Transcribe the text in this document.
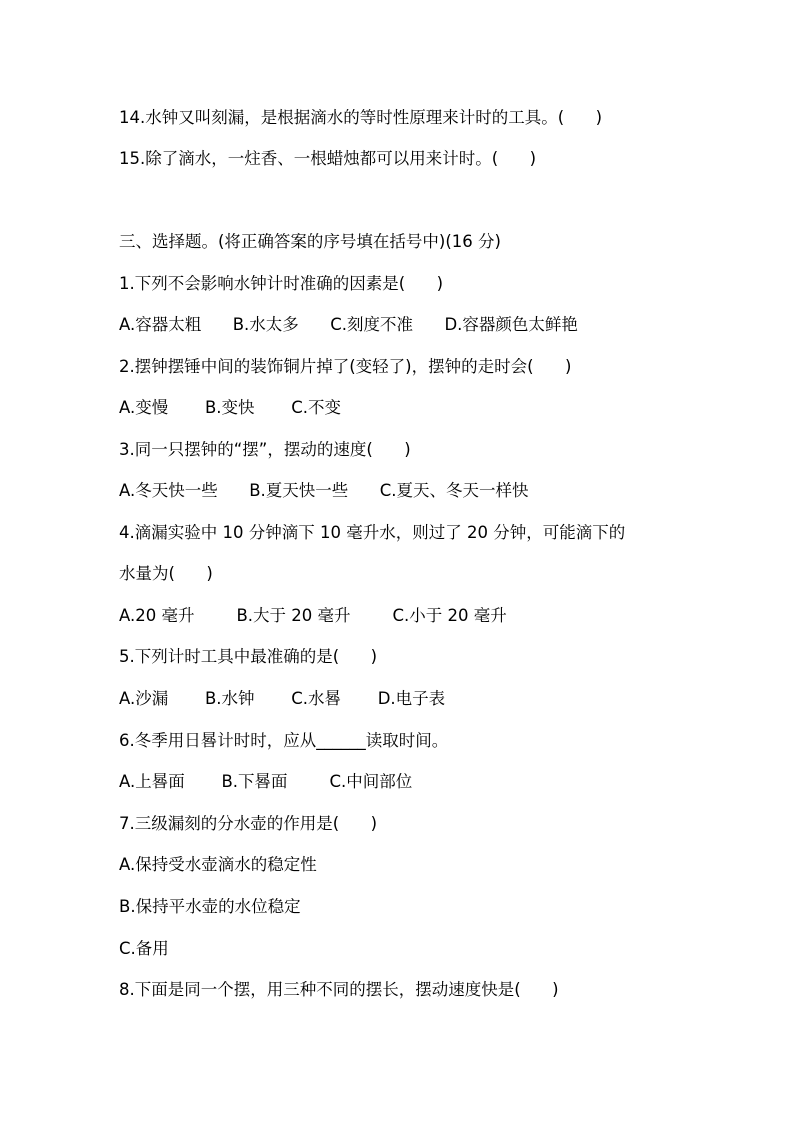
14.水钟又叫刻漏，是根据滴水的等时性原理来计时的工具。(      )
15.除了滴水，一炷香、一根蜡烛都可以用来计时。(      )
三、选择题。(将正确答案的序号填在括号中)(16 分)
1.下列不会影响水钟计时准确的因素是(      )
A.容器太粗      B.水太多      C.刻度不准      D.容器颜色太鲜艳
2.摆钟摆锤中间的装饰铜片掉了(变轻了)，摆钟的走时会(      )
A.变慢       B.变快       C.不变
3.同一只摆钟的“摆”，摆动的速度(      )
A.冬天快一些      B.夏天快一些      C.夏天、冬天一样快
4.滴漏实验中 10 分钟滴下 10 毫升水，则过了 20 分钟，可能滴下的
水量为(      )
A.20 毫升        B.大于 20 毫升        C.小于 20 毫升
5.下列计时工具中最准确的是(      )
A.沙漏       B.水钟       C.水晷       D.电子表
6.冬季用日晷计时时，应从______读取时间。
A.上晷面       B.下晷面        C.中间部位
7.三级漏刻的分水壶的作用是(      )
A.保持受水壶滴水的稳定性
B.保持平水壶的水位稳定
C.备用
8.下面是同一个摆，用三种不同的摆长，摆动速度快是(      )
